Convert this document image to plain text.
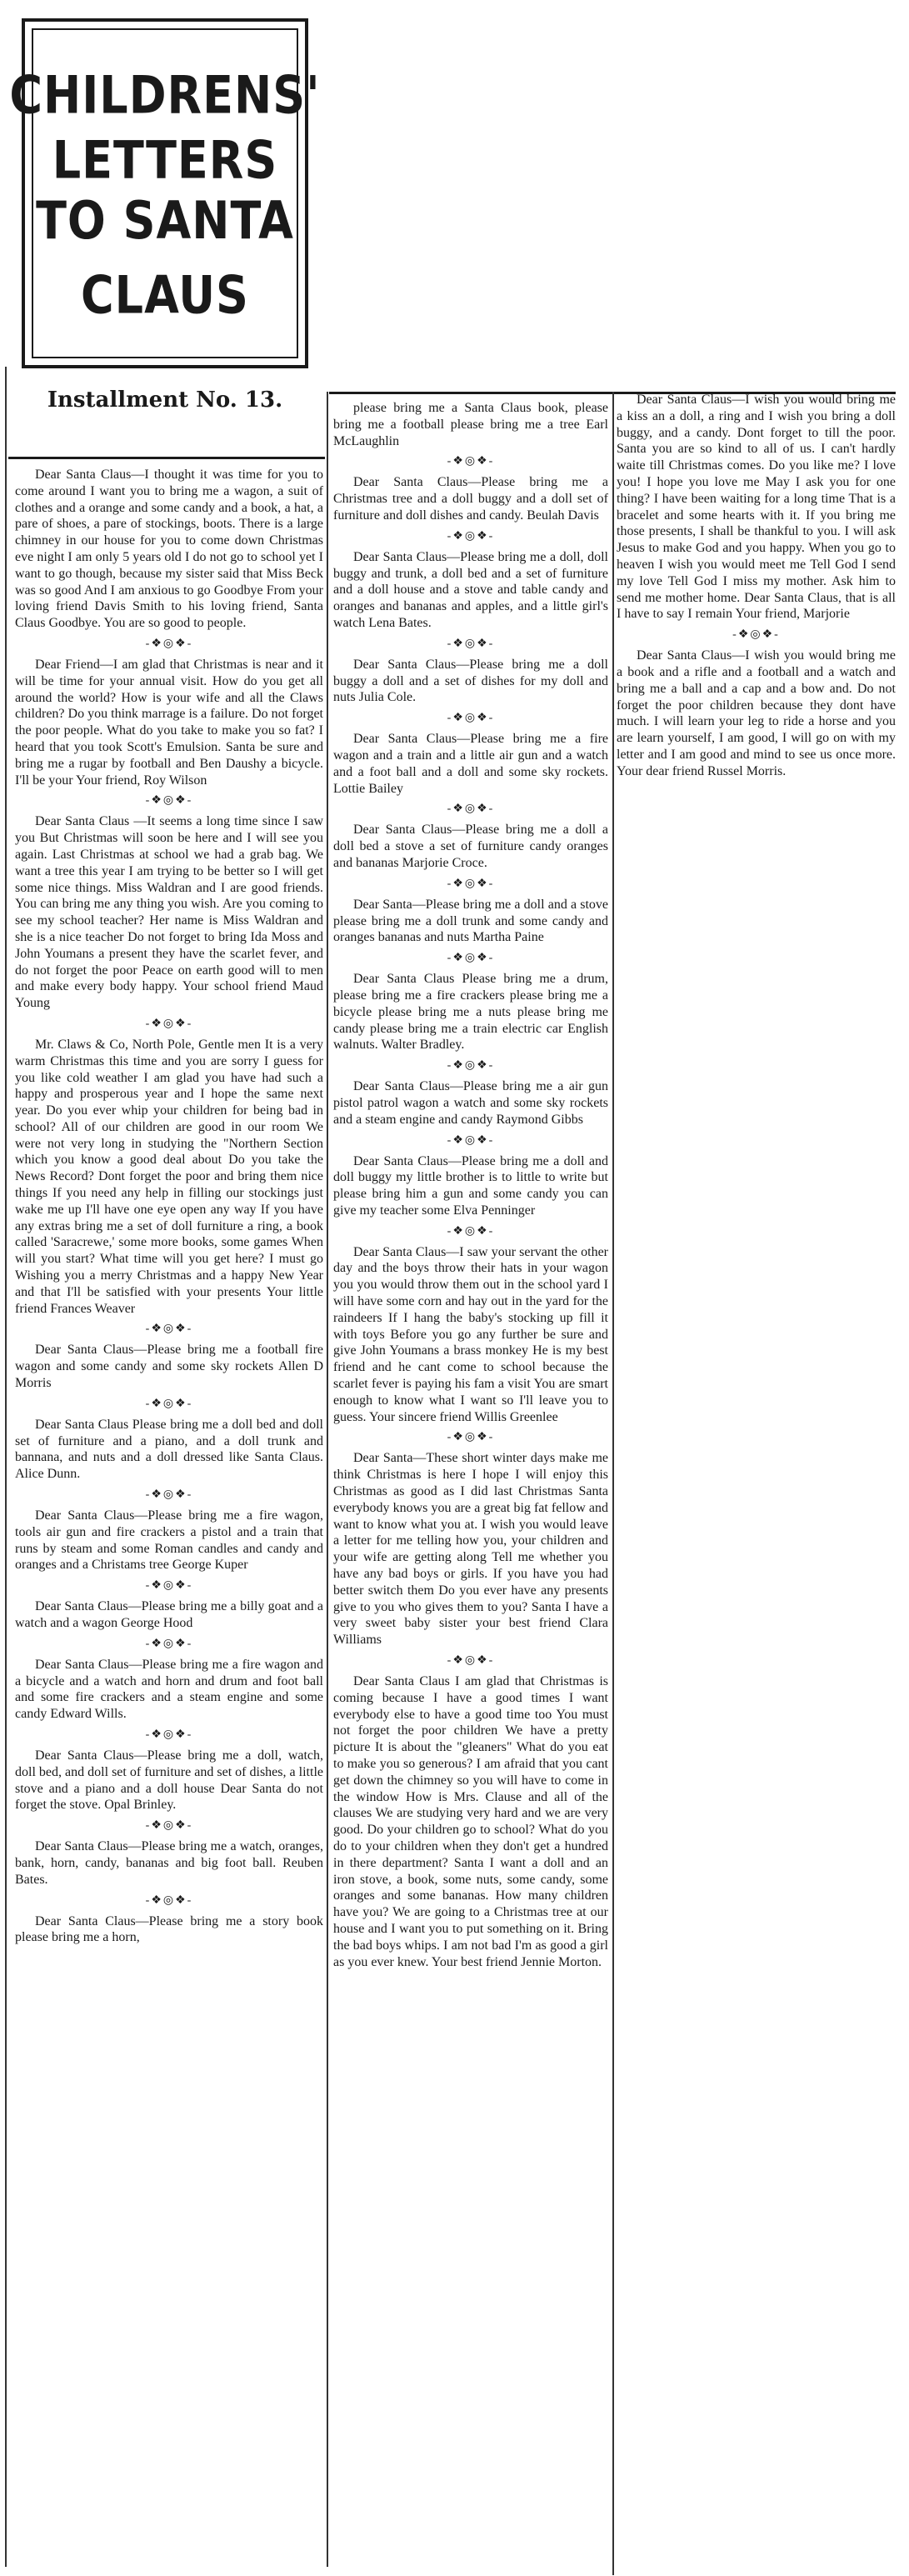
CHILDRENS'
LETTERS
TO SANTA CLAUS
Installment No. 13.

Dear Santa Claus—I thought it was time for you to come around I want you to bring me a wagon, a suit of clothes and a orange and some candy and a book, a hat, a pare of shoes, a pare of stockings, boots. There is a large chimney in our house for you to come down Christmas eve night I am only 5 years old I do not go to school yet I want to go though, because my sister said that Miss Beck was so good And I am anxious to go Goodbye From your loving friend Davis Smith to his loving friend, Santa Claus Goodbye. You are so good to people.

-❖◎❖-

Dear Friend—I am glad that Christmas is near and it will be time for your annual visit. How do you get all around the world? How is your wife and all the Claws children? Do you think marrage is a failure. Do not forget the poor people. What do you take to make you so fat? I heard that you took Scott's Emulsion. Santa be sure and bring me a rugar by football and Ben Daushy a bicycle. I'll be your Your friend, Roy Wilson

-❖◎❖-

Dear Santa Claus —It seems a long time since I saw you But Christmas will soon be here and I will see you again. Last Christmas at school we had a grab bag. We want a tree this year I am trying to be better so I will get some nice things. Miss Waldran and I are good friends. You can bring me any thing you wish. Are you coming to see my school teacher? Her name is Miss Waldran and she is a nice teacher Do not forget to bring Ida Moss and John Youmans a present they have the scarlet fever, and do not forget the poor Peace on earth good will to men and make every body happy. Your school friend Maud Young

-❖◎❖-

Mr. Claws & Co, North Pole, Gentle men It is a very warm Christmas this time and you are sorry I guess for you like cold weather I am glad you have had such a happy and prosperous year and I hope the same next year. Do you ever whip your children for being bad in school? All of our children are good in our room We were not very long in studying the "Northern Section which you know a good deal about Do you take the News Record? Dont forget the poor and bring them nice things If you need any help in filling our stockings just wake me up I'll have one eye open any way If you have any extras bring me a set of doll furniture a ring, a book called 'Saracrewe,' some more books, some games When will you start? What time will you get here? I must go Wishing you a merry Christmas and a happy New Year and that I'll be satisfied with your presents Your little friend Frances Weaver

-❖◎❖-

Dear Santa Claus—Please bring me a football fire wagon and some candy and some sky rockets Allen D Morris

-❖◎❖-

Dear Santa Claus Please bring me a doll bed and doll set of furniture and a piano, and a doll trunk and bannana, and nuts and a doll dressed like Santa Claus. Alice Dunn.

-❖◎❖-

Dear Santa Claus—Please bring me a fire wagon, tools air gun and fire crackers a pistol and a train that runs by steam and some Roman candles and candy and oranges and a Christams tree George Kuper

-❖◎❖-

Dear Santa Claus—Please bring me a billy goat and a watch and a wagon George Hood

-❖◎❖-

Dear Santa Claus—Please bring me a fire wagon and a bicycle and a watch and horn and drum and foot ball and some fire crackers and a steam engine and some candy Edward Wills.

-❖◎❖-

Dear Santa Claus—Please bring me a doll, watch, doll bed, and doll set of furniture and set of dishes, a little stove and a piano and a doll house Dear Santa do not forget the stove. Opal Brinley.

-❖◎❖-

Dear Santa Claus—Please bring me a watch, oranges, bank, horn, candy, bananas and big foot ball. Reuben Bates.

-❖◎❖-

Dear Santa Claus—Please bring me a story book please bring me a horn,

please bring me a Santa Claus book, please bring me a football please bring me a tree Earl McLaughlin

-❖◎❖-

Dear Santa Claus—Please bring me a Christmas tree and a doll buggy and a doll set of furniture and doll dishes and candy. Beulah Davis

-❖◎❖-

Dear Santa Claus—Please bring me a doll, doll buggy and trunk, a doll bed and a set of furniture and a doll house and a stove and table candy and oranges and bananas and apples, and a little girl's watch Lena Bates.

-❖◎❖-

Dear Santa Claus—Please bring me a doll buggy a doll and a set of dishes for my doll and nuts Julia Cole.

-❖◎❖-

Dear Santa Claus—Please bring me a fire wagon and a train and a little air gun and a watch and a foot ball and a doll and some sky rockets. Lottie Bailey

-❖◎❖-

Dear Santa Claus—Please bring me a doll a doll bed a stove a set of furniture candy oranges and bananas Marjorie Croce.

-❖◎❖-

Dear Santa—Please bring me a doll and a stove please bring me a doll trunk and some candy and oranges bananas and nuts Martha Paine

-❖◎❖-

Dear Santa Claus Please bring me a drum, please bring me a fire crackers please bring me a bicycle please bring me a nuts please bring me candy please bring me a train electric car English walnuts. Walter Bradley.

-❖◎❖-

Dear Santa Claus—Please bring me a air gun pistol patrol wagon a watch and some sky rockets and a steam engine and candy Raymond Gibbs

-❖◎❖-

Dear Santa Claus—Please bring me a doll and doll buggy my little brother is to little to write but please bring him a gun and some candy you can give my teacher some Elva Penninger

-❖◎❖-

Dear Santa Claus—I saw your servant the other day and the boys throw their hats in your wagon you you would throw them out in the school yard I will have some corn and hay out in the yard for the raindeers If I hang the baby's stocking up fill it with toys Before you go any further be sure and give John Youmans a brass monkey He is my best friend and he cant come to school because the scarlet fever is paying his fam a visit You are smart enough to know what I want so I'll leave you to guess. Your sincere friend Willis Greenlee

-❖◎❖-

Dear Santa—These short winter days make me think Christmas is here I hope I will enjoy this Christmas as good as I did last Christmas Santa everybody knows you are a great big fat fellow and want to know what you at. I wish you would leave a letter for me telling how you, your children and your wife are getting along Tell me whether you have any bad boys or girls. If you have you had better switch them Do you ever have any presents give to you who gives them to you? Santa I have a very sweet baby sister your best friend Clara Williams

-❖◎❖-

Dear Santa Claus I am glad that Christmas is coming because I have a good times I want everybody else to have a good time too You must not forget the poor children We have a pretty picture It is about the "gleaners" What do you eat to make you so generous? I am afraid that you cant get down the chimney so you will have to come in the window How is Mrs. Clause and all of the clauses We are studying very hard and we are very good. Do your children go to school? What do you do to your children when they don't get a hundred in there department? Santa I want a doll and an iron stove, a book, some nuts, some candy, some oranges and some bananas. How many children have you? We are going to a Christmas tree at our house and I want you to put something on it. Bring the bad boys whips. I am not bad I'm as good a girl as you ever knew. Your best friend Jennie Morton.

Dear Santa Claus—I wish you would bring me a kiss an a doll, a ring and I wish you bring a doll buggy, and a candy. Dont forget to till the poor. Santa you are so kind to all of us. I can't hardly waite till Christmas comes. Do you like me? I love you! I hope you love me May I ask you for one thing? I have been waiting for a long time That is a bracelet and some hearts with it. If you bring me those presents, I shall be thankful to you. I will ask Jesus to make God and you happy. When you go to heaven I wish you would meet me Tell God I send my love Tell God I miss my mother. Ask him to send me mother home. Dear Santa Claus, that is all I have to say I remain Your friend, Marjorie

-❖◎❖-

Dear Santa Claus—I wish you would bring me a book and a rifle and a football and a watch and bring me a ball and a cap and a bow and. Do not forget the poor children because they dont have much. I will learn your leg to ride a horse and you are learn yourself, I am good, I will go on with my letter and I am good and mind to see us once more. Your dear friend Russel Morris.
